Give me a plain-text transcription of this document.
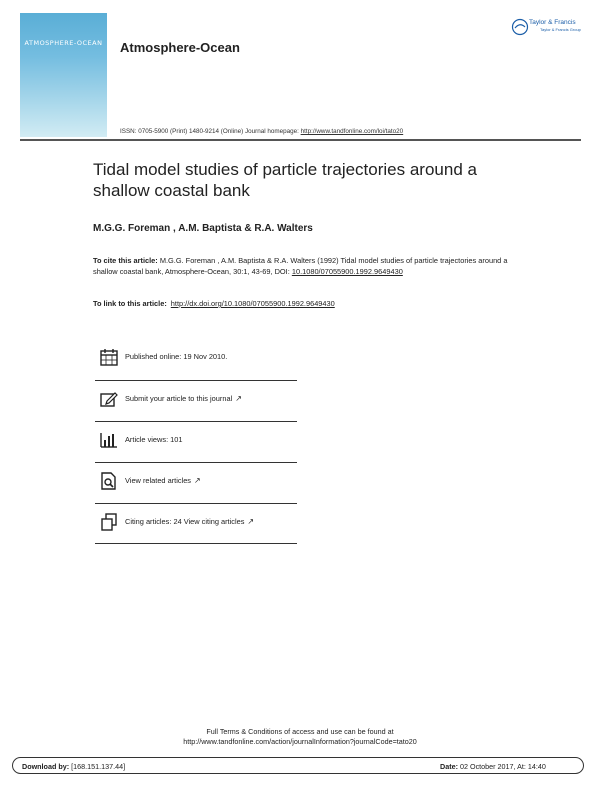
ATMOSPHERE-OCEAN	Atmosphere-Ocean
Taylor & Francis
Taylor & Francis Group
ISSN: 0705-5900 (Print) 1480-9214 (Online) Journal homepage: http://www.tandfonline.com/loi/tato20
Tidal model studies of particle trajectories around a shallow coastal bank
M.G.G. Foreman , A.M. Baptista & R.A. Walters
To cite this article: M.G.G. Foreman , A.M. Baptista & R.A. Walters (1992) Tidal model studies of particle trajectories around a shallow coastal bank, Atmosphere-Ocean, 30:1, 43-69, DOI: 10.1080/07055900.1992.9649430
To link to this article: http://dx.doi.org/10.1080/07055900.1992.9649430
Published online: 19 Nov 2010.
Submit your article to this journal ↗
Article views: 101
View related articles ↗
Citing articles: 24 View citing articles ↗
Full Terms & Conditions of access and use can be found at
http://www.tandfonline.com/action/journalInformation?journalCode=tato20
Download by: [168.151.137.44]	Date: 02 October 2017, At: 14:40
